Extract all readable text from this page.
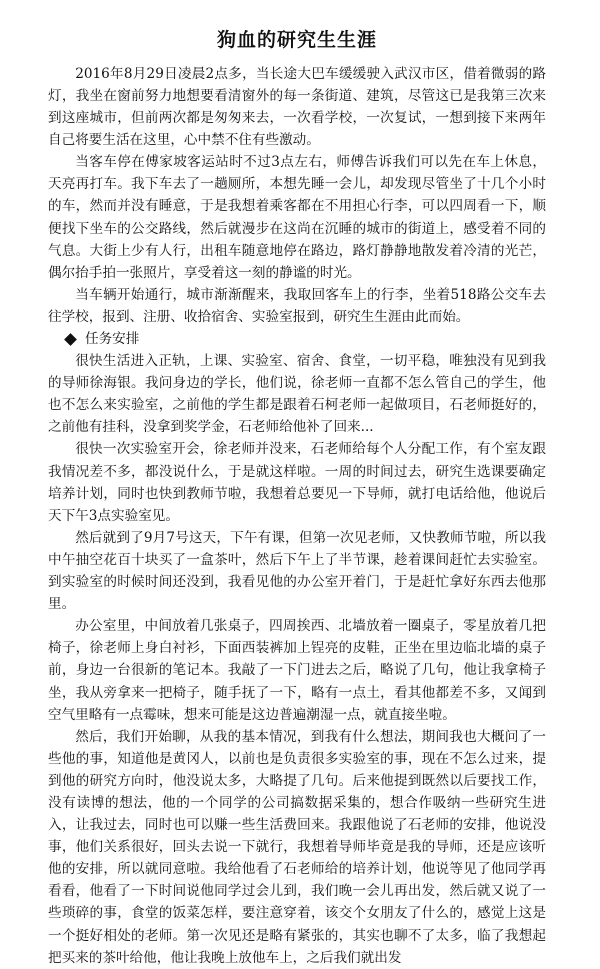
狗血的研究生生涯

2016年8月29日凌晨2点多，当长途大巴车缓缓驶入武汉市区，借着微弱的路灯，我坐在窗前努力地想要看清窗外的每一条街道、建筑，尽管这已是我第三次来到这座城市，但前两次都是匆匆来去，一次看学校，一次复试，一想到接下来两年自己将要生活在这里，心中禁不住有些激动。

当客车停在傅家坡客运站时不过3点左右，师傅告诉我们可以先在车上休息，天亮再打车。我下车去了一趟厕所，本想先睡一会儿，却发现尽管坐了十几个小时的车，然而并没有睡意，于是我想着乘客都在不用担心行李，可以四周看一下，顺便找下坐车的公交路线，然后就漫步在这尚在沉睡的城市的街道上，感受着不同的气息。大街上少有人行，出租车随意地停在路边，路灯静静地散发着冷清的光芒，偶尔抬手拍一张照片，享受着这一刻的静谧的时光。

当车辆开始通行，城市渐渐醒来，我取回客车上的行李，坐着518路公交车去往学校，报到、注册、收拾宿舍、实验室报到，研究生生涯由此而始。

任务安排

很快生活进入正轨，上课、实验室、宿舍、食堂，一切平稳，唯独没有见到我的导师徐海银。我问身边的学长，他们说，徐老师一直都不怎么管自己的学生，他也不怎么来实验室，之前他的学生都是跟着石柯老师一起做项目，石老师挺好的，之前他有挂科，没拿到奖学金，石老师给他补了回来...

很快一次实验室开会，徐老师并没来，石老师给每个人分配工作，有个室友跟我情况差不多，都没说什么，于是就这样啦。一周的时间过去，研究生选课要确定培养计划，同时也快到教师节啦，我想着总要见一下导师，就打电话给他，他说后天下午3点实验室见。

然后就到了9月7号这天，下午有课，但第一次见老师，又快教师节啦，所以我中午抽空花百十块买了一盒茶叶，然后下午上了半节课，趁着课间赶忙去实验室。到实验室的时候时间还没到，我看见他的办公室开着门，于是赶忙拿好东西去他那里。

办公室里，中间放着几张桌子，四周挨西、北墙放着一圈桌子，零星放着几把椅子，徐老师上身白衬衫，下面西装裤加上锃亮的皮鞋，正坐在里边临北墙的桌子前，身边一台很新的笔记本。我敲了一下门进去之后，略说了几句，他让我拿椅子坐，我从旁拿来一把椅子，随手抚了一下，略有一点土，看其他都差不多，又闻到空气里略有一点霉味，想来可能是这边普遍潮湿一点，就直接坐啦。

然后，我们开始聊，从我的基本情况，到我有什么想法，期间我也大概问了一些他的事，知道他是黄冈人，以前也是负责很多实验室的事，现在不怎么过来，提到他的研究方向时，他没说太多，大略提了几句。后来他提到既然以后要找工作，没有读博的想法，他的一个同学的公司搞数据采集的，想合作吸纳一些研究生进入，让我过去，同时也可以赚一些生活费回来。我跟他说了石老师的安排，他说没事，他们关系很好，回头去说一下就行，我想着导师毕竟是我的导师，还是应该听他的安排，所以就同意啦。我给他看了石老师给的培养计划，他说等见了他同学再看看，他看了一下时间说他同学过会儿到，我们晚一会儿再出发，然后就又说了一些琐碎的事，食堂的饭菜怎样，要注意穿着，该交个女朋友了什么的，感觉上这是一个挺好相处的老师。第一次见还是略有紧张的，其实也聊不了太多，临了我想起把买来的茶叶给他，他让我晚上放他车上，之后我们就出发
